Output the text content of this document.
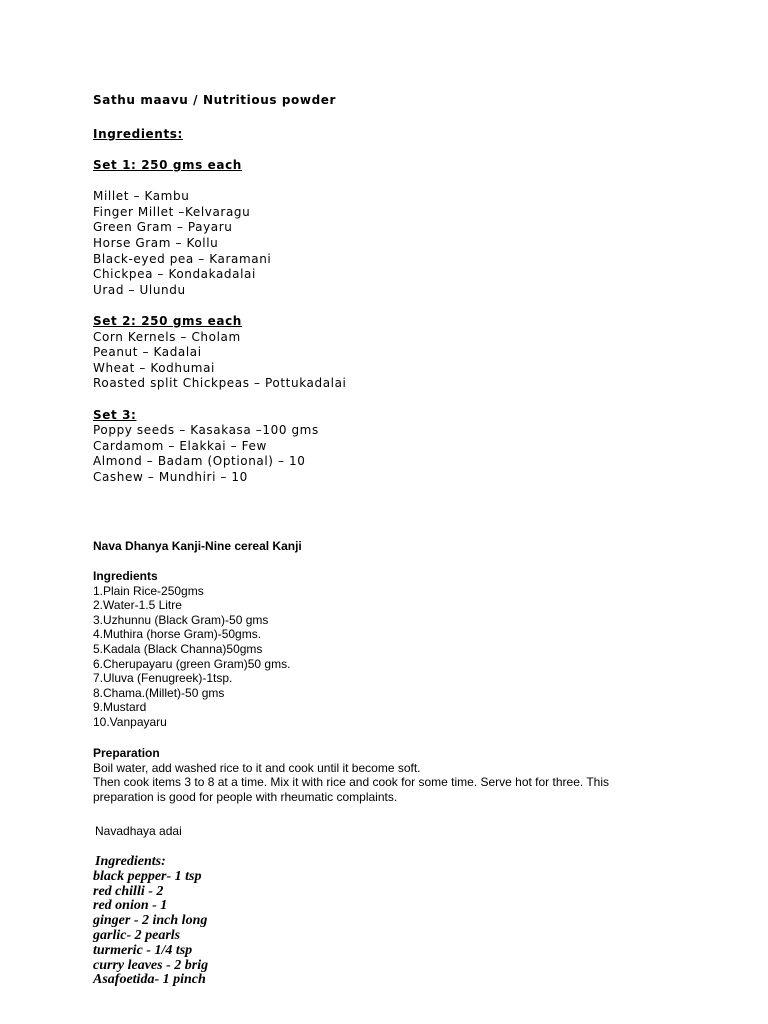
Sathu maavu / Nutritious powder
Ingredients:
Set 1: 250 gms each
Millet – Kambu
Finger Millet –Kelvaragu
Green Gram – Payaru
Horse Gram – Kollu
Black-eyed pea – Karamani
Chickpea – Kondakadalai
Urad – Ulundu
Set 2: 250 gms each
Corn Kernels – Cholam
Peanut – Kadalai
Wheat – Kodhumai
Roasted split Chickpeas – Pottukadalai
Set 3:
Poppy seeds – Kasakasa –100 gms
Cardamom – Elakkai – Few
Almond – Badam (Optional) – 10
Cashew – Mundhiri – 10
Nava Dhanya Kanji-Nine cereal Kanji
Ingredients
1.Plain Rice-250gms
2.Water-1.5 Litre
3.Uzhunnu (Black Gram)-50 gms
4.Muthira (horse Gram)-50gms.
5.Kadala (Black Channa)50gms
6.Cherupayaru (green Gram)50 gms.
7.Uluva (Fenugreek)-1tsp.
8.Chama.(Millet)-50 gms
9.Mustard
10.Vanpayaru
Preparation
Boil water, add washed rice to it and cook until it become soft.
Then cook items 3 to 8 at a time. Mix it with rice and cook for some time. Serve hot for three. This
preparation is good for people with rheumatic complaints.
Navadhaya adai
Ingredients:
black pepper- 1 tsp
red chilli - 2
red onion - 1
ginger - 2 inch long
garlic- 2 pearls
turmeric - 1/4 tsp
curry leaves - 2 brig
Asafoetida- 1 pinch
